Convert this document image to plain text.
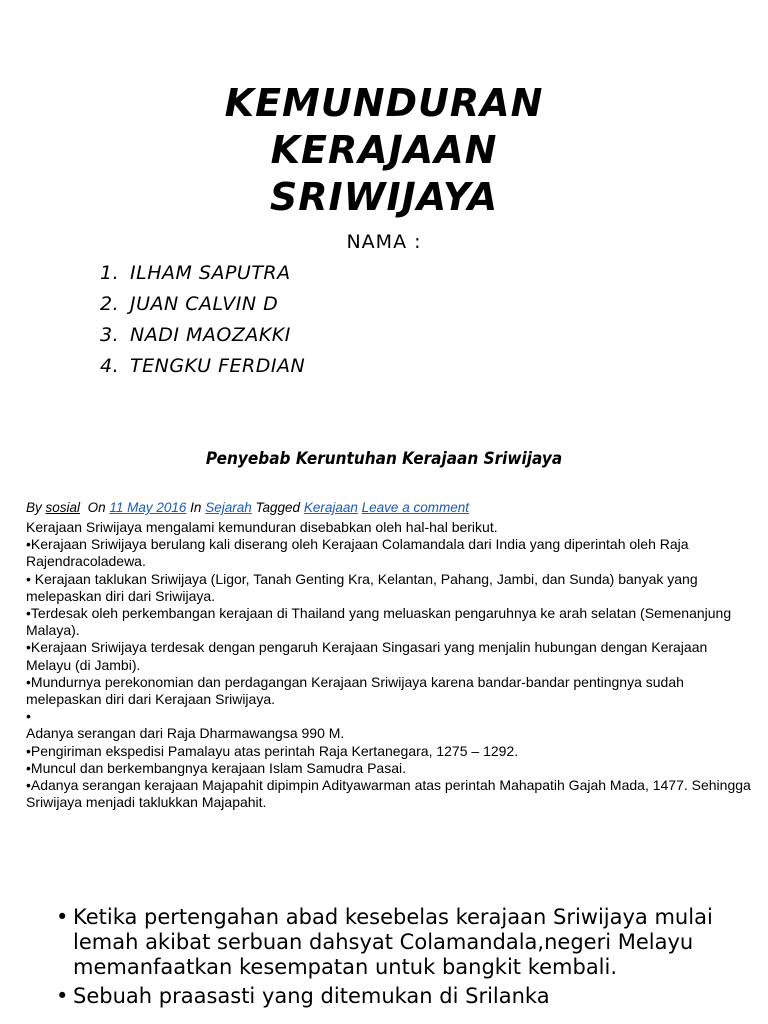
KEMUNDURAN
KERAJAAN
SRIWIJAYA
NAMA :
1. ILHAM SAPUTRA
2. JUAN CALVIN D
3. NADI MAOZAKKI
4. TENGKU FERDIAN
Penyebab Keruntuhan Kerajaan Sriwijaya
By sosial On 11 May 2016 In Sejarah Tagged Kerajaan Leave a comment

Kerajaan Sriwijaya mengalami kemunduran disebabkan oleh hal-hal berikut.

•Kerajaan Sriwijaya berulang kali diserang oleh Kerajaan Colamandala dari India yang diperintah oleh Raja Rajendracoladewa.

• Kerajaan taklukan Sriwijaya (Ligor, Tanah Genting Kra, Kelantan, Pahang, Jambi, dan Sunda) banyak yang melepaskan diri dari Sriwijaya.

•Terdesak oleh perkembangan kerajaan di Thailand yang meluaskan pengaruhnya ke arah selatan (Semenanjung Malaya).

•Kerajaan Sriwijaya terdesak dengan pengaruh Kerajaan Singasari yang menjalin hubungan dengan Kerajaan Melayu (di Jambi).

•Mundurnya perekonomian dan perdagangan Kerajaan Sriwijaya karena bandar-bandar pentingnya sudah melepaskan diri dari Kerajaan Sriwijaya.

•

Adanya serangan dari Raja Dharmawangsa 990 M.

•Pengiriman ekspedisi Pamalayu atas perintah Raja Kertanegara, 1275 – 1292.

•Muncul dan berkembangnya kerajaan Islam Samudra Pasai.

•Adanya serangan kerajaan Majapahit dipimpin Adityawarman atas perintah Mahapatih Gajah Mada, 1477. Sehingga Sriwijaya menjadi taklukkan Majapahit.

• Ketika pertengahan abad kesebelas kerajaan Sriwijaya mulai lemah akibat serbuan dahsyat Colamandala,negeri Melayu memanfaatkan kesempatan untuk bangkit kembali.
• Sebuah praasasti yang ditemukan di Srilanka
